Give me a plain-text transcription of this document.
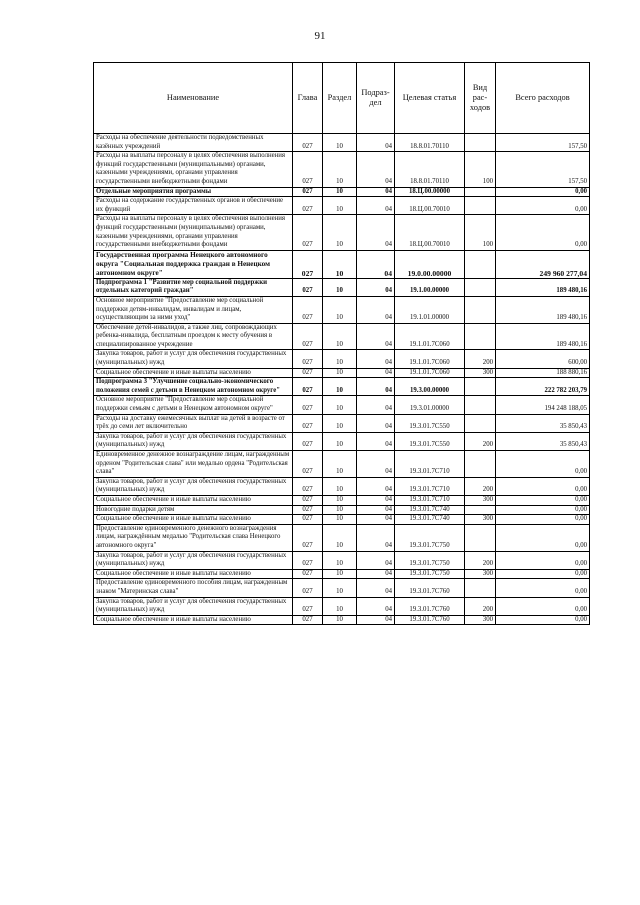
91
Наименование	Глава	Раздел	Подраз-дел	Целевая статья	Вид рас-ходов	Всего расходов
Расходы на обеспечение деятельности подведомственных казённых учреждений	027	10	04	18.8.01.70110		157,50
Расходы на выплаты персоналу в целях обеспечения выполнения функций государственными (муниципальными) органами, казенными учреждениями, органами управления государственными внебюджетными фондами	027	10	04	18.8.01.70110	100	157,50
Отдельные мероприятия программы	027	10	04	18.Ц.00.00000		0,00
Расходы на содержание государственных органов и обеспечение их функций	027	10	04	18.Ц.00.70010		0,00
Расходы на выплаты персоналу в целях обеспечения выполнения функций государственными (муниципальными) органами, казенными учреждениями, органами управления государственными внебюджетными фондами	027	10	04	18.Ц.00.70010	100	0,00
Государственная программа Ненецкого автономного округа "Социальная поддержка граждан в Ненецком автономном округе"	027	10	04	19.0.00.00000		249 960 277,04
Подпрограмма 1 "Развитие мер социальной поддержки отдельных категорий граждан"	027	10	04	19.1.00.00000		189 480,16
Основное мероприятие "Предоставление мер социальной поддержки детям-инвалидам, инвалидам и лицам, осуществляющим за ними уход"	027	10	04	19.1.01.00000		189 480,16
Обеспечение детей-инвалидов, а также лиц, сопровождающих ребенка-инвалида, бесплатным проездом к месту обучения в специализированное учреждение	027	10	04	19.1.01.7С060		189 480,16
Закупка товаров, работ и услуг для обеспечения государственных (муниципальных) нужд	027	10	04	19.1.01.7С060	200	600,00
Социальное обеспечение и иные выплаты населению	027	10	04	19.1.01.7С060	300	188 880,16
Подпрограмма 3 "Улучшение социально-экономического положения семей с детьми в Ненецком автономном округе"	027	10	04	19.3.00.00000		222 782 203,79
Основное мероприятие "Предоставление мер социальной поддержки семьям с детьми в Ненецком автономном округе"	027	10	04	19.3.01.00000		194 248 188,05
Расходы на доставку ежемесячных выплат на детей в возрасте от трёх до семи лет включительно	027	10	04	19.3.01.7С550		35 850,43
Закупка товаров, работ и услуг для обеспечения государственных (муниципальных) нужд	027	10	04	19.3.01.7С550	200	35 850,43
Единовременное денежное вознаграждение лицам, награжденным орденом "Родительская слава" или медалью ордена "Родительская слава"	027	10	04	19.3.01.7С710		0,00
Закупка товаров, работ и услуг для обеспечения государственных (муниципальных) нужд	027	10	04	19.3.01.7С710	200	0,00
Социальное обеспечение и иные выплаты населению	027	10	04	19.3.01.7С710	300	0,00
Новогодние подарки детям	027	10	04	19.3.01.7С740		0,00
Социальное обеспечение и иные выплаты населению	027	10	04	19.3.01.7С740	300	0,00
Предоставление единовременного денежного вознаграждения лицам, награждённым медалью "Родительская слава Ненецкого автономного округа"	027	10	04	19.3.01.7С750		0,00
Закупка товаров, работ и услуг для обеспечения государственных (муниципальных) нужд	027	10	04	19.3.01.7С750	200	0,00
Социальное обеспечение и иные выплаты населению	027	10	04	19.3.01.7С750	300	0,00
Предоставление единовременного пособия лицам, награжденным знаком "Материнская слава"	027	10	04	19.3.01.7С760		0,00
Закупка товаров, работ и услуг для обеспечения государственных (муниципальных) нужд	027	10	04	19.3.01.7С760	200	0,00
Социальное обеспечение и иные выплаты населению	027	10	04	19.3.01.7С760	300	0,00
